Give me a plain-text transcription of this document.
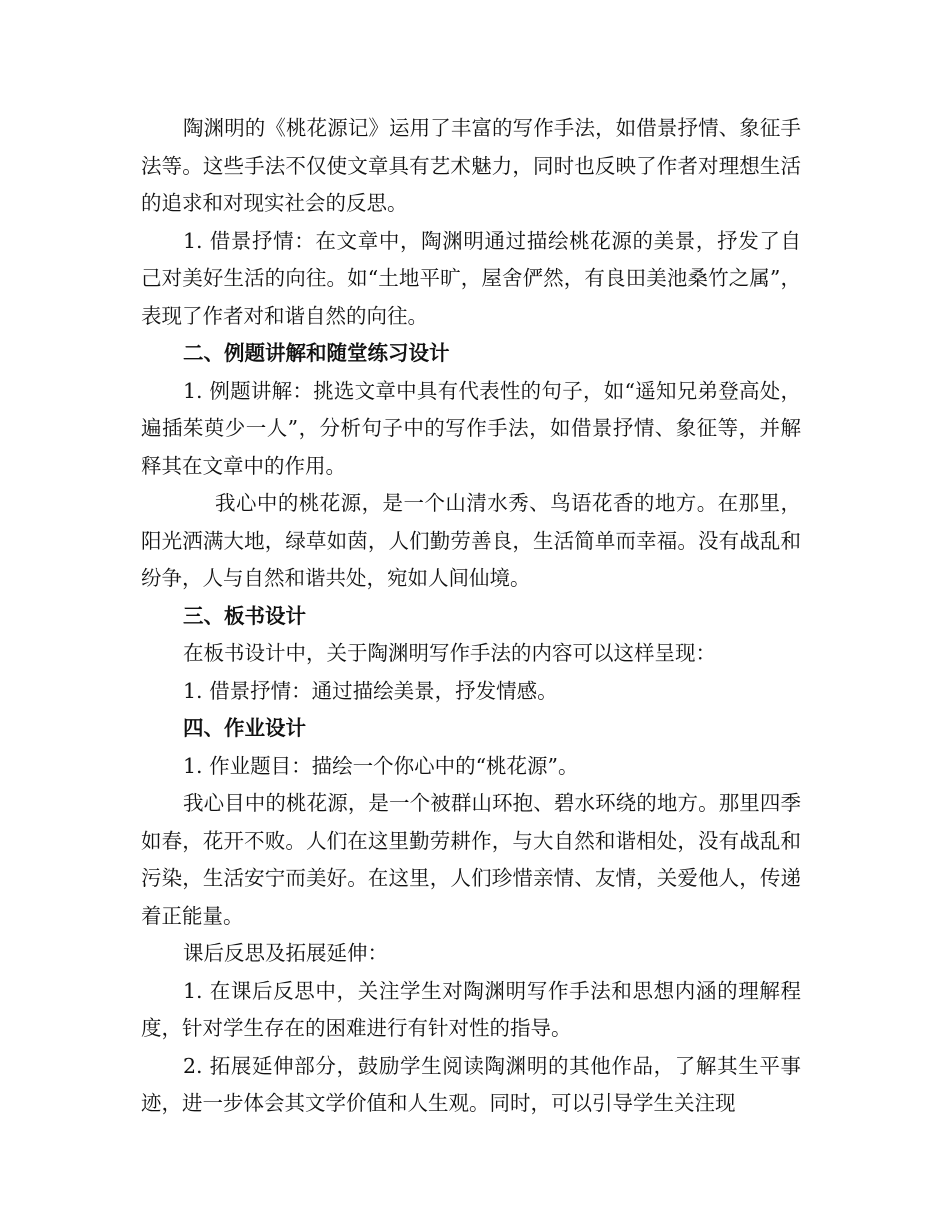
陶渊明的《桃花源记》运用了丰富的写作手法，如借景抒情、象征手法等。这些手法不仅使文章具有艺术魅力，同时也反映了作者对理想生活的追求和对现实社会的反思。

1. 借景抒情：在文章中，陶渊明通过描绘桃花源的美景，抒发了自己对美好生活的向往。如“土地平旷，屋舍俨然，有良田美池桑竹之属”，表现了作者对和谐自然的向往。

二、例题讲解和随堂练习设计

1. 例题讲解：挑选文章中具有代表性的句子，如“遥知兄弟登高处，遍插茱萸少一人”，分析句子中的写作手法，如借景抒情、象征等，并解释其在文章中的作用。

我心中的桃花源，是一个山清水秀、鸟语花香的地方。在那里，阳光洒满大地，绿草如茵，人们勤劳善良，生活简单而幸福。没有战乱和纷争，人与自然和谐共处，宛如人间仙境。

三、板书设计

在板书设计中，关于陶渊明写作手法的内容可以这样呈现：

1. 借景抒情：通过描绘美景，抒发情感。

四、作业设计

1. 作业题目：描绘一个你心中的“桃花源”。

我心目中的桃花源，是一个被群山环抱、碧水环绕的地方。那里四季如春，花开不败。人们在这里勤劳耕作，与大自然和谐相处，没有战乱和污染，生活安宁而美好。在这里，人们珍惜亲情、友情，关爱他人，传递着正能量。

课后反思及拓展延伸：

1. 在课后反思中，关注学生对陶渊明写作手法和思想内涵的理解程度，针对学生存在的困难进行有针对性的指导。

2. 拓展延伸部分，鼓励学生阅读陶渊明的其他作品，了解其生平事迹，进一步体会其文学价值和人生观。同时，可以引导学生关注现
